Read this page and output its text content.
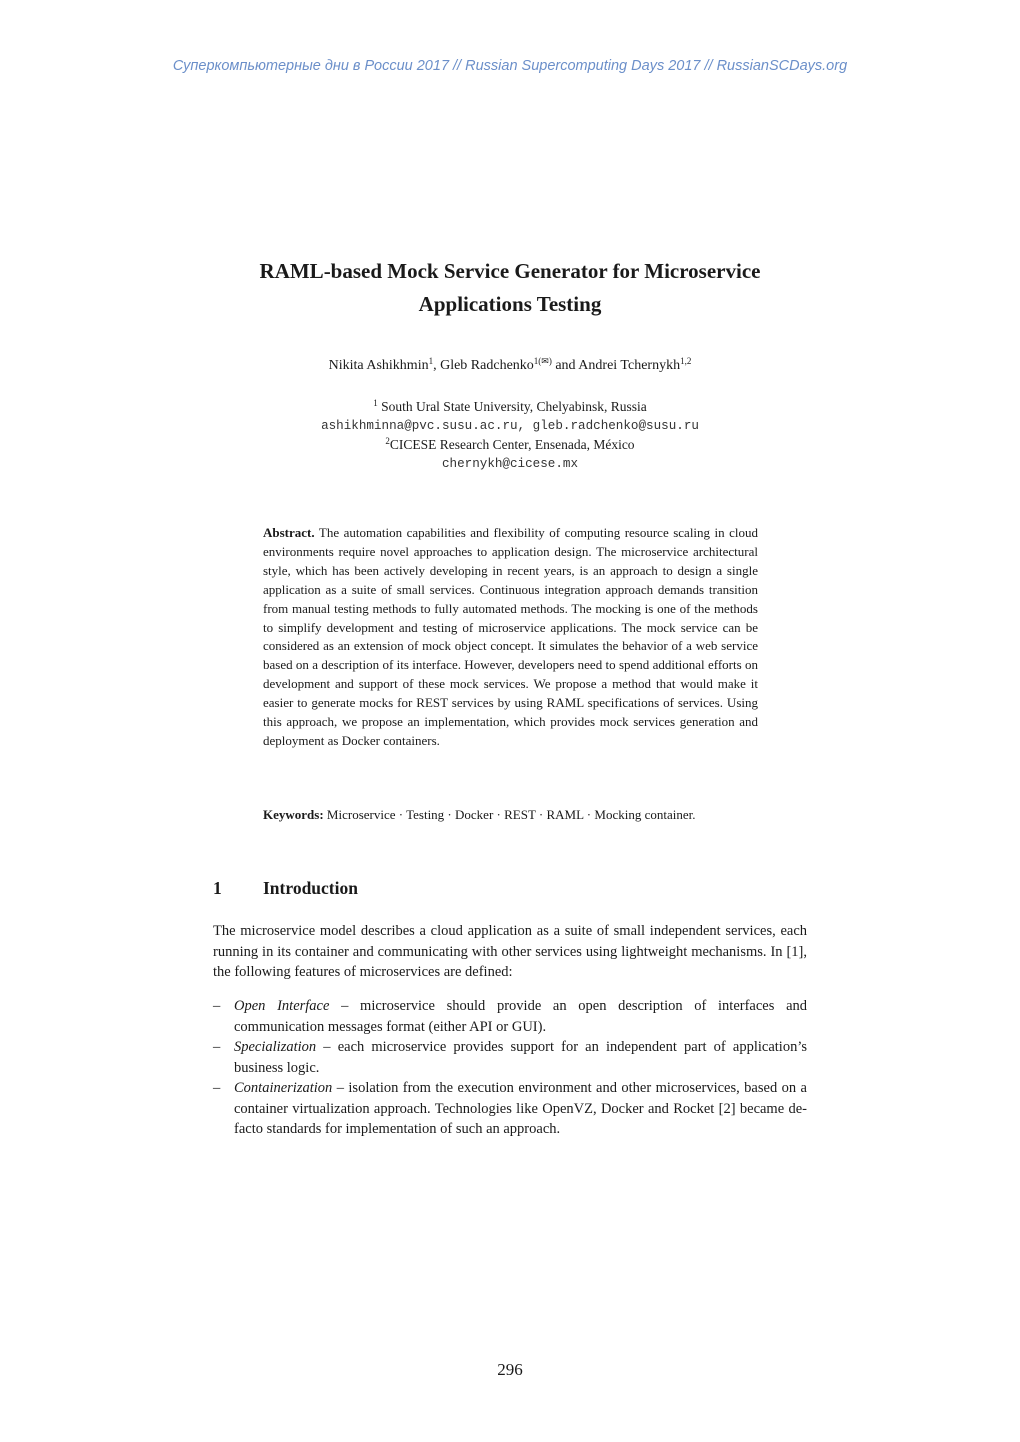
Суперкомпьютерные дни в России 2017 // Russian Supercomputing Days 2017 // RussianSCDays.org
RAML-based Mock Service Generator for Microservice
Applications Testing
Nikita Ashikhmin$^1$, Gleb Radchenko$^{1(✉)}$ and Andrei Tchernykh$^{1,2}$
$^1$ South Ural State University, Chelyabinsk, Russia
ashikhminna@pvc.susu.ac.ru, gleb.radchenko@susu.ru
$^2$CICESE Research Center, Ensenada, México
chernykh@cicese.mx

Abstract. The automation capabilities and flexibility of computing resource scaling in cloud environments require novel approaches to application design. The microservice architectural style, which has been actively developing in recent years, is an approach to design a single application as a suite of small services. Continuous integration approach demands transition from manual testing methods to fully automated methods. The mocking is one of the methods to simplify development and testing of microservice applications. The mock service can be considered as an extension of mock object concept. It simulates the behavior of a web service based on a description of its interface. However, developers need to spend additional efforts on development and support of these mock services. We propose a method that would make it easier to generate mocks for REST services by using RAML specifications of services. Using this approach, we propose an implementation, which provides mock services generation and deployment as Docker containers.

Keywords: Microservice · Testing · Docker · REST · RAML · Mocking container.

1 Introduction

The microservice model describes a cloud application as a suite of small independent services, each running in its container and communicating with other services using lightweight mechanisms. In [1], the following features of microservices are defined:

– Open Interface – microservice should provide an open description of interfaces and communication messages format (either API or GUI).
– Specialization – each microservice provides support for an independent part of application’s business logic.
– Containerization – isolation from the execution environment and other microservices, based on a container virtualization approach. Technologies like OpenVZ, Docker and Rocket [2] became de-facto standards for implementation of such an approach.
296
